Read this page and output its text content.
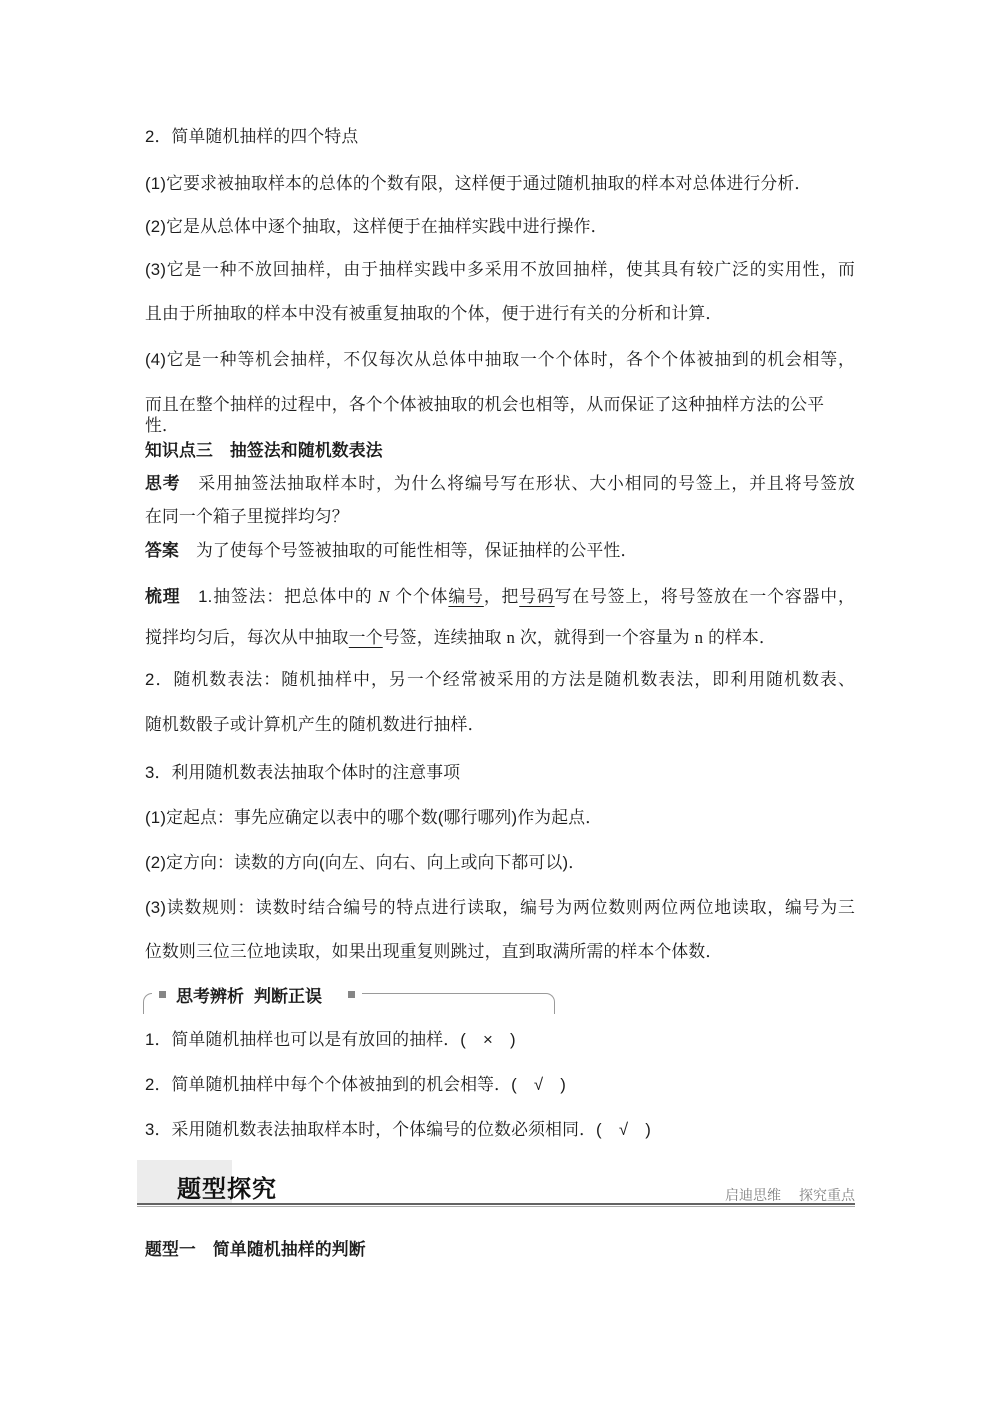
2．简单随机抽样的四个特点
(1)它要求被抽取样本的总体的个数有限，这样便于通过随机抽取的样本对总体进行分析．
(2)它是从总体中逐个抽取，这样便于在抽样实践中进行操作．
(3)它是一种不放回抽样，由于抽样实践中多采用不放回抽样，使其具有较广泛的实用性，而
且由于所抽取的样本中没有被重复抽取的个体，便于进行有关的分析和计算．
(4)它是一种等机会抽样，不仅每次从总体中抽取一个个体时，各个个体被抽到的机会相等，
而且在整个抽样的过程中，各个个体被抽取的机会也相等，从而保证了这种抽样方法的公平性．
知识点三　抽签法和随机数表法
思考　采用抽签法抽取样本时，为什么将编号写在形状、大小相同的号签上，并且将号签放
在同一个箱子里搅拌均匀？
答案　为了使每个号签被抽取的可能性相等，保证抽样的公平性．
梳理　1.抽签法：把总体中的 N 个个体编号，把号码写在号签上，将号签放在一个容器中，
搅拌均匀后，每次从中抽取一个号签，连续抽取 n 次，就得到一个容量为 n 的样本．
2．随机数表法：随机抽样中，另一个经常被采用的方法是随机数表法，即利用随机数表、
随机数骰子或计算机产生的随机数进行抽样．
3．利用随机数表法抽取个体时的注意事项
(1)定起点：事先应确定以表中的哪个数(哪行哪列)作为起点．
(2)定方向：读数的方向(向左、向右、向上或向下都可以)．
(3)读数规则：读数时结合编号的特点进行读取，编号为两位数则两位两位地读取，编号为三
位数则三位三位地读取，如果出现重复则跳过，直到取满所需的样本个体数．
思考辨析 判断正误
1．简单随机抽样也可以是有放回的抽样．(　×　)
2．简单随机抽样中每个个体被抽到的机会相等．(　√　)
3．采用随机数表法抽取样本时，个体编号的位数必须相同．(　√　)
题型探究	启迪思维 探究重点
题型一　简单随机抽样的判断
